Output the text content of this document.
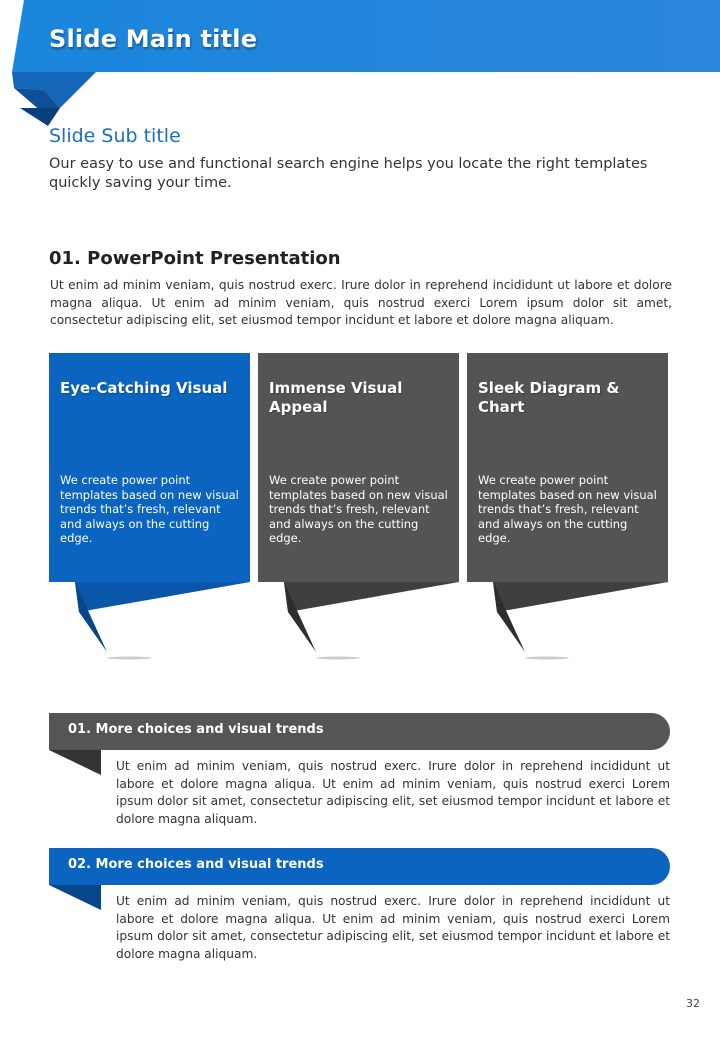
Slide Main title
Slide Sub title
Our easy to use and functional search engine helps you locate the right templates quickly saving your time.
01. PowerPoint Presentation
Ut enim ad minim veniam, quis nostrud exerc. Irure dolor in reprehend incididunt ut labore et dolore magna aliqua. Ut enim ad minim veniam, quis nostrud exerci Lorem ipsum dolor sit amet, consectetur adipiscing elit, set eiusmod tempor incidunt et labore et dolore magna aliquam.
Eye-Catching Visual
We create power point templates based on new visual trends that’s fresh, relevant and always on the cutting edge.
Immense Visual Appeal
We create power point templates based on new visual trends that’s fresh, relevant and always on the cutting edge.
Sleek Diagram & Chart
We create power point templates based on new visual trends that’s fresh, relevant and always on the cutting edge.
01. More choices and visual trends
Ut enim ad minim veniam, quis nostrud exerc. Irure dolor in reprehend incididunt ut labore et dolore magna aliqua. Ut enim ad minim veniam, quis nostrud exerci Lorem ipsum dolor sit amet, consectetur adipiscing elit, set eiusmod tempor incidunt et labore et dolore magna aliquam.
02. More choices and visual trends
Ut enim ad minim veniam, quis nostrud exerc. Irure dolor in reprehend incididunt ut labore et dolore magna aliqua. Ut enim ad minim veniam, quis nostrud exerci Lorem ipsum dolor sit amet, consectetur adipiscing elit, set eiusmod tempor incidunt et labore et dolore magna aliquam.
32
